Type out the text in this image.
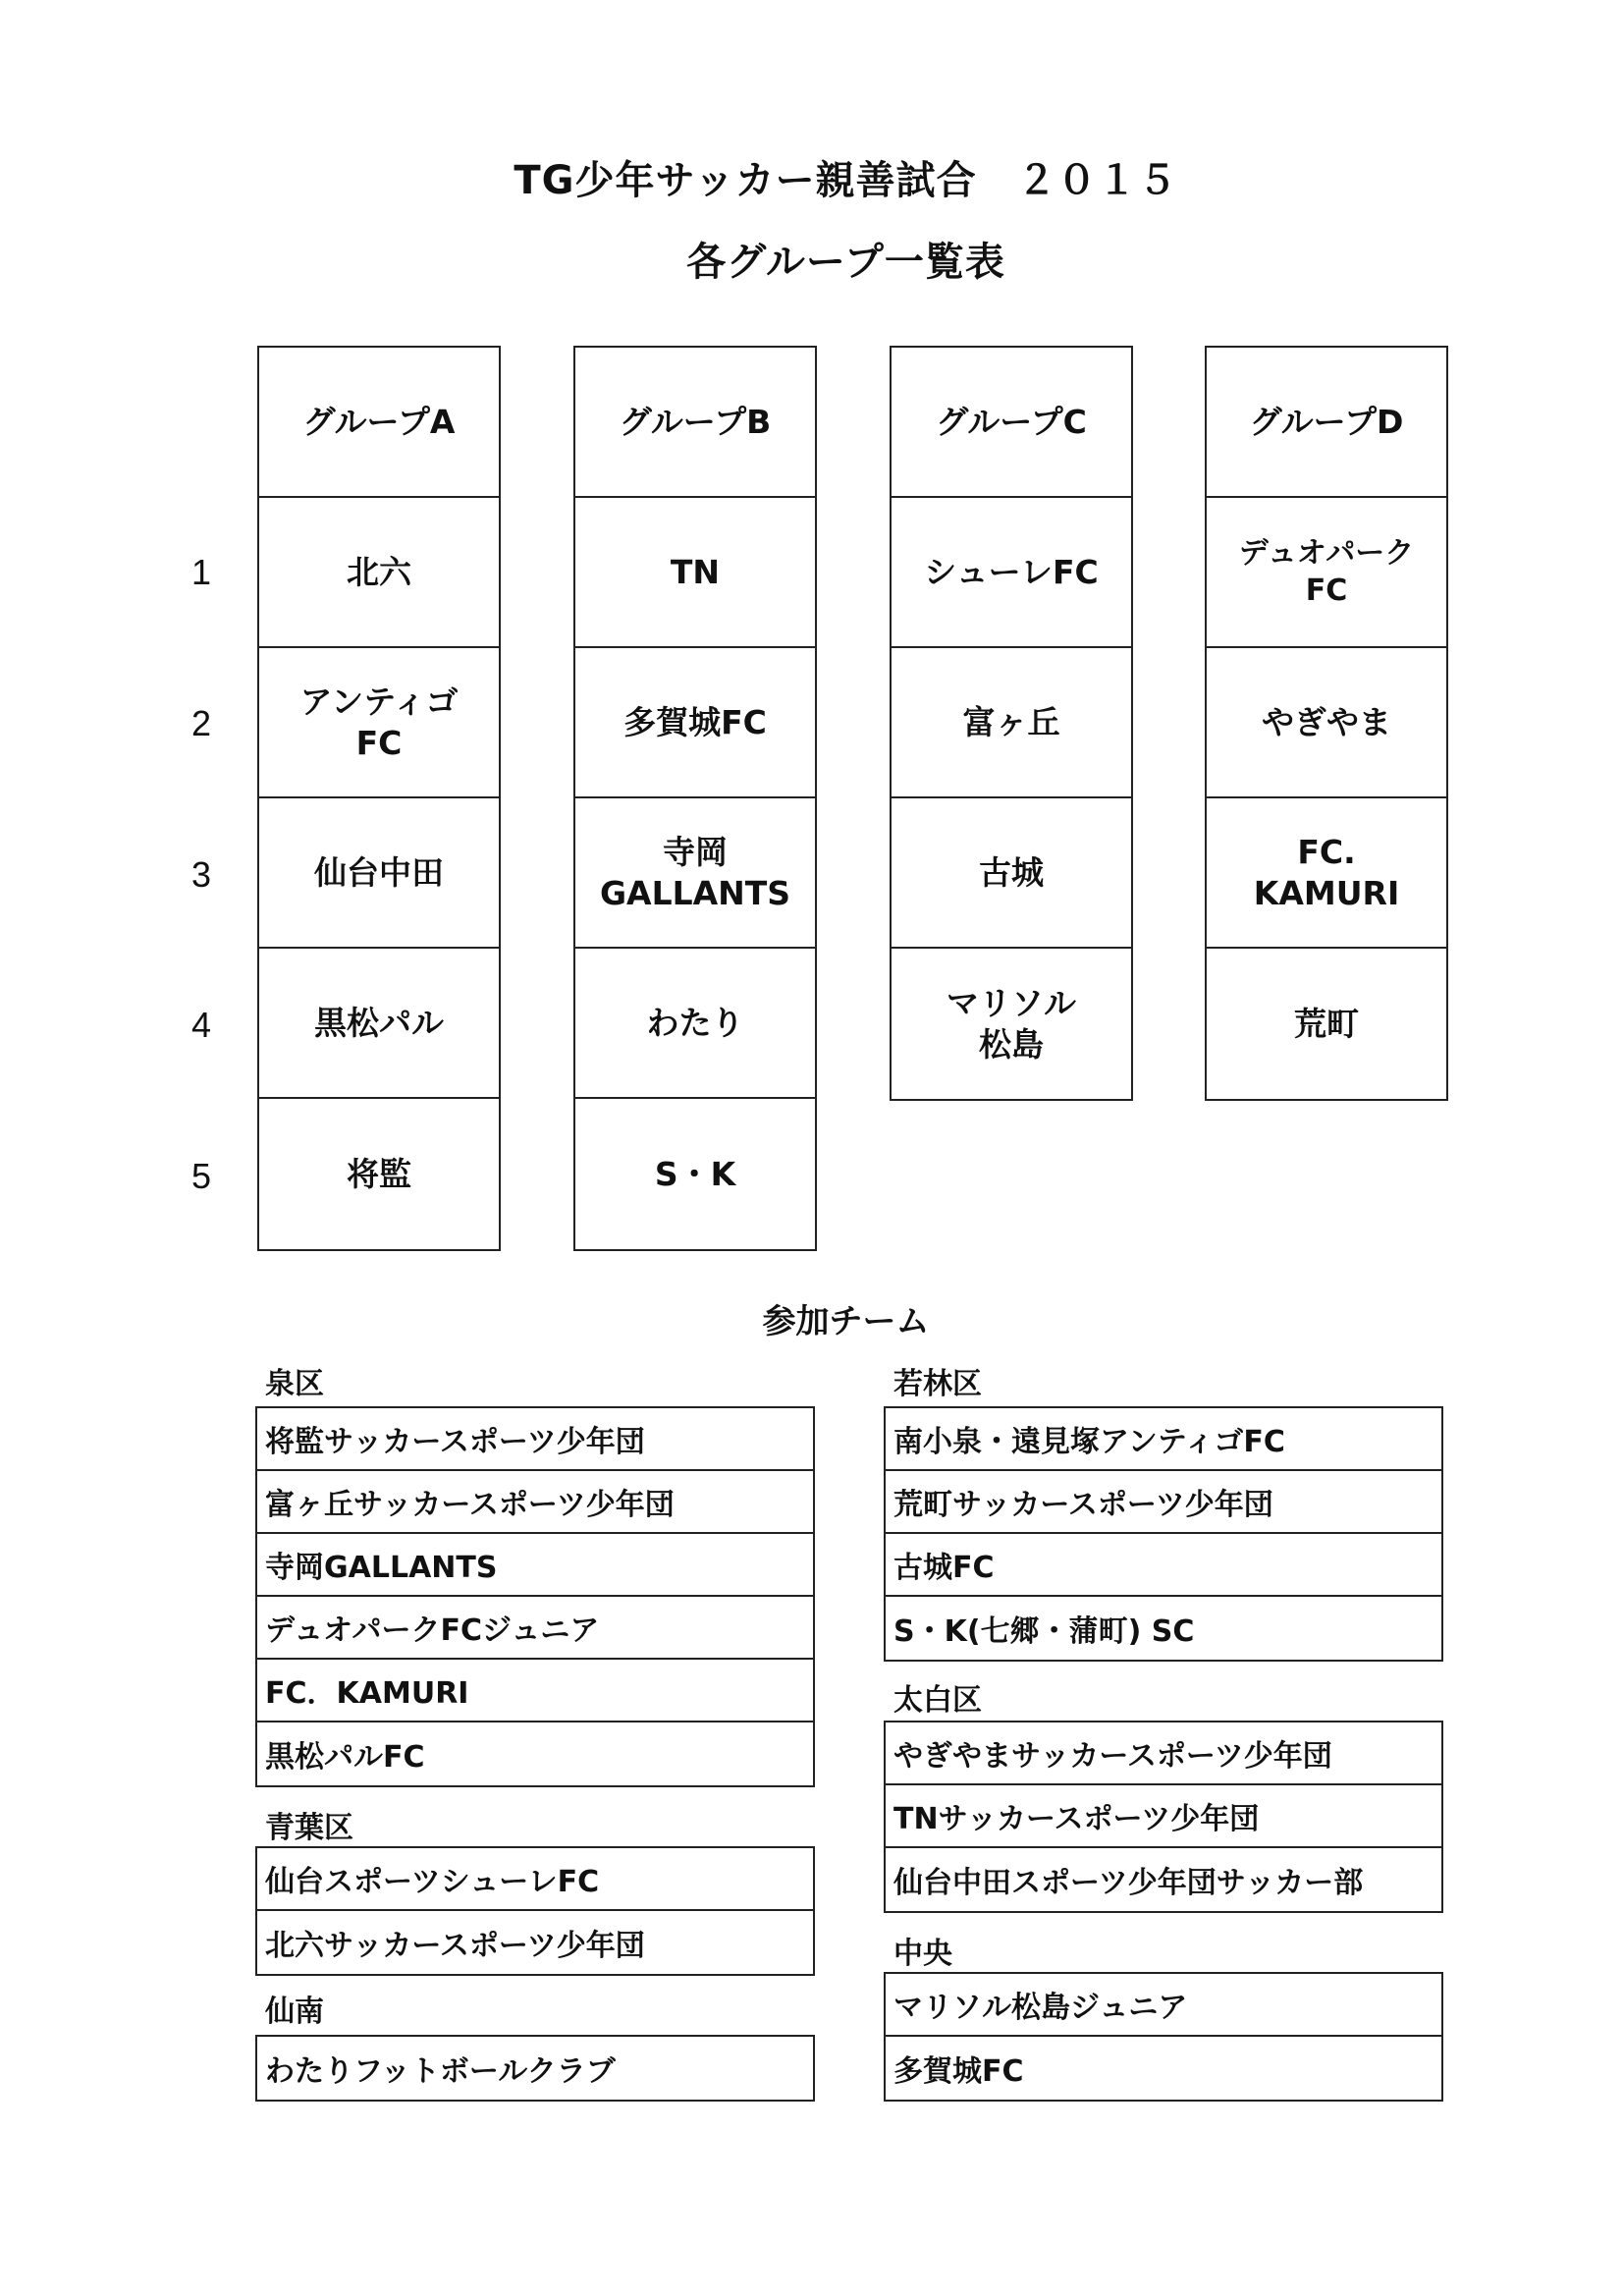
TG少年サッカー親善試合　２０１５
各グループ一覧表
1
2
3
4
5
グループA
北六
アンティゴ
FC
仙台中田
黒松パル
将監
グループB
TN
多賀城FC
寺岡
GALLANTS
わたり
S・K
グループC
シューレFC
富ヶ丘
古城
マリソル
松島
グループD
デュオパーク
FC
やぎやま
FC.
KAMURI
荒町
参加チーム
泉区
将監サッカースポーツ少年団
富ヶ丘サッカースポーツ少年団
寺岡GALLANTS
デュオパークFCジュニア
FC．KAMURI
黒松パルFC
青葉区
仙台スポーツシューレFC
北六サッカースポーツ少年団
仙南
わたりフットボールクラブ
若林区
南小泉・遠見塚アンティゴFC
荒町サッカースポーツ少年団
古城FC
S・K(七郷・蒲町) SC
太白区
やぎやまサッカースポーツ少年団
TNサッカースポーツ少年団
仙台中田スポーツ少年団サッカー部
中央
マリソル松島ジュニア
多賀城FC
